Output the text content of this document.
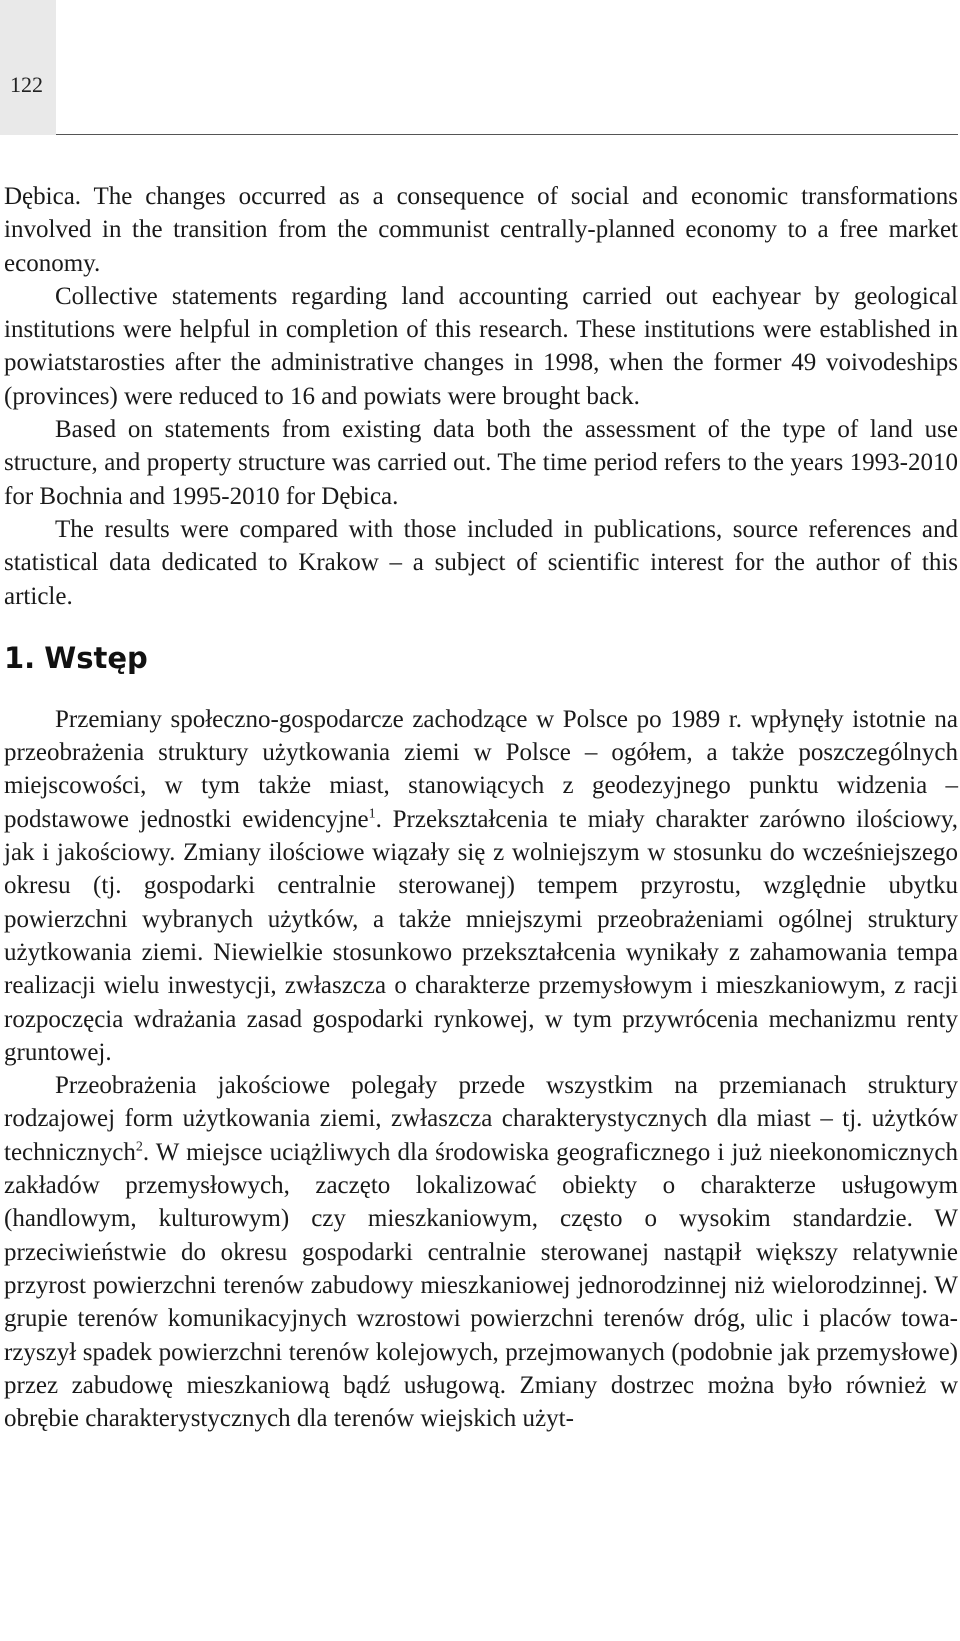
122

Dębica. The changes occurred as a consequence of social and economic transformations involved in the transition from the communist centrally-planned economy to a free market economy.

Collective statements regarding land accounting carried out eachyear by geological institutions were helpful in completion of this research. These institutions were established in powiatstarosties after the administrative changes in 1998, when the former 49 voivodeships (provinces) were reduced to 16 and powiats were brought back.

Based on statements from existing data both the assessment of the type of land use structure, and property structure was carried out. The time period refers to the years 1993-2010 for Bochnia and 1995-2010 for Dębica.

The results were compared with those included in publications, source references and statistical data dedicated to Krakow – a subject of scientific interest for the author of this article.

1. Wstęp

Przemiany społeczno-gospodarcze zachodzące w Polsce po 1989 r. wpłynęły istotnie na przeobrażenia struktury użytkowania ziemi w Polsce – ogółem, a także poszczególnych miejscowości, w tym także miast, stanowiących z geodezyjnego punktu widzenia – podstawowe jednostki ewidencyjne$^1$. Przekształcenia te miały charakter zarówno ilościowy, jak i jakościowy. Zmiany ilościowe wiązały się z wolniejszym w stosunku do wcześniejszego okresu (tj. gospodarki centralnie sterowanej) tempem przyrostu, względnie ubytku powierzchni wybranych użytków, a także mniejszymi przeobrażeniami ogólnej struktury użytkowania ziemi. Niewielkie stosunkowo przekształcenia wynikały z zahamowania tempa realizacji wielu inwestycji, zwłaszcza o charakterze przemysłowym i mieszkaniowym, z racji rozpoczęcia wdrażania zasad gospodarki rynkowej, w tym przywrócenia mechanizmu renty gruntowej.

Przeobrażenia jakościowe polegały przede wszystkim na przemianach struktury rodzajowej form użytkowania ziemi, zwłaszcza charakterystycznych dla miast – tj. użytków technicznych$^2$. W miejsce uciążliwych dla środowiska geograficznego i już nieekonomicznych zakładów przemysłowych, zaczęto lokalizować obiekty o charakterze usługowym (handlowym, kulturowym) czy mieszkaniowym, często o wysokim standardzie. W przeciwieństwie do okresu gospodarki centralnie sterowanej nastąpił większy relatywnie przyrost powierzchni terenów zabudowy mieszkaniowej jednorodzinnej niż wielorodzinnej. W grupie terenów komunikacyjnych wzrostowi powierzchni terenów dróg, ulic i placów towarzyszył spadek powierzchni terenów kolejowych, przejmowanych (podobnie jak przemysłowe) przez zabudowę mieszkaniową bądź usługową. Zmiany dostrzec można było również w obrębie charakterystycznych dla terenów wiejskich użyt-
